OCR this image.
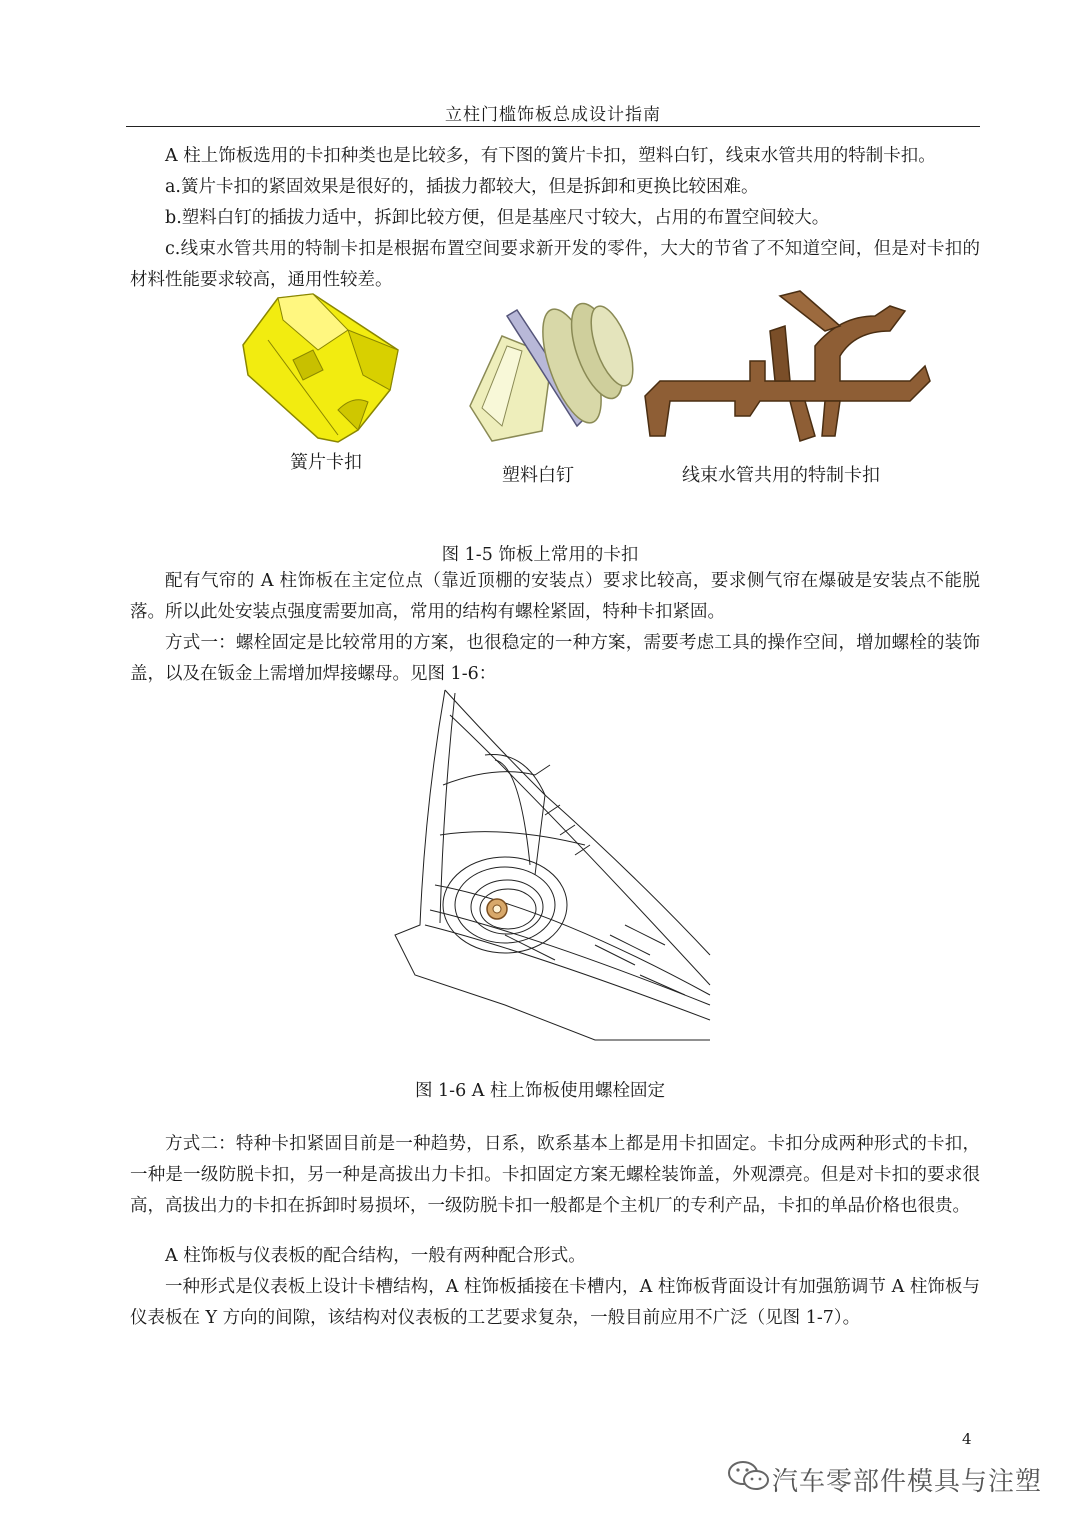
立柱门槛饰板总成设计指南

A 柱上饰板选用的卡扣种类也是比较多，有下图的簧片卡扣，塑料白钉，线束水管共用的特制卡扣。

a.簧片卡扣的紧固效果是很好的，插拔力都较大，但是拆卸和更换比较困难。

b.塑料白钉的插拔力适中，拆卸比较方便，但是基座尺寸较大，占用的布置空间较大。

c.线束水管共用的特制卡扣是根据布置空间要求新开发的零件，大大的节省了不知道空间，但是对卡扣的材料性能要求较高，通用性较差。

簧片卡扣
塑料白钉	线束水管共用的特制卡扣
图 1-5 饰板上常用的卡扣

配有气帘的 A 柱饰板在主定位点（靠近顶棚的安装点）要求比较高，要求侧气帘在爆破是安装点不能脱落。所以此处安装点强度需要加高，常用的结构有螺栓紧固，特种卡扣紧固。

方式一：螺栓固定是比较常用的方案，也很稳定的一种方案，需要考虑工具的操作空间，增加螺栓的装饰盖，以及在钣金上需增加焊接螺母。见图 1-6：

图 1-6 A 柱上饰板使用螺栓固定

方式二：特种卡扣紧固目前是一种趋势，日系，欧系基本上都是用卡扣固定。卡扣分成两种形式的卡扣，一种是一级防脱卡扣，另一种是高拔出力卡扣。卡扣固定方案无螺栓装饰盖，外观漂亮。但是对卡扣的要求很高，高拔出力的卡扣在拆卸时易损坏，一级防脱卡扣一般都是个主机厂的专利产品，卡扣的单品价格也很贵。

A 柱饰板与仪表板的配合结构，一般有两种配合形式。

一种形式是仪表板上设计卡槽结构，A 柱饰板插接在卡槽内，A 柱饰板背面设计有加强筋调节 A 柱饰板与仪表板在 Y 方向的间隙，该结构对仪表板的工艺要求复杂，一般目前应用不广泛（见图 1-7）。

4
汽车零部件模具与注塑
